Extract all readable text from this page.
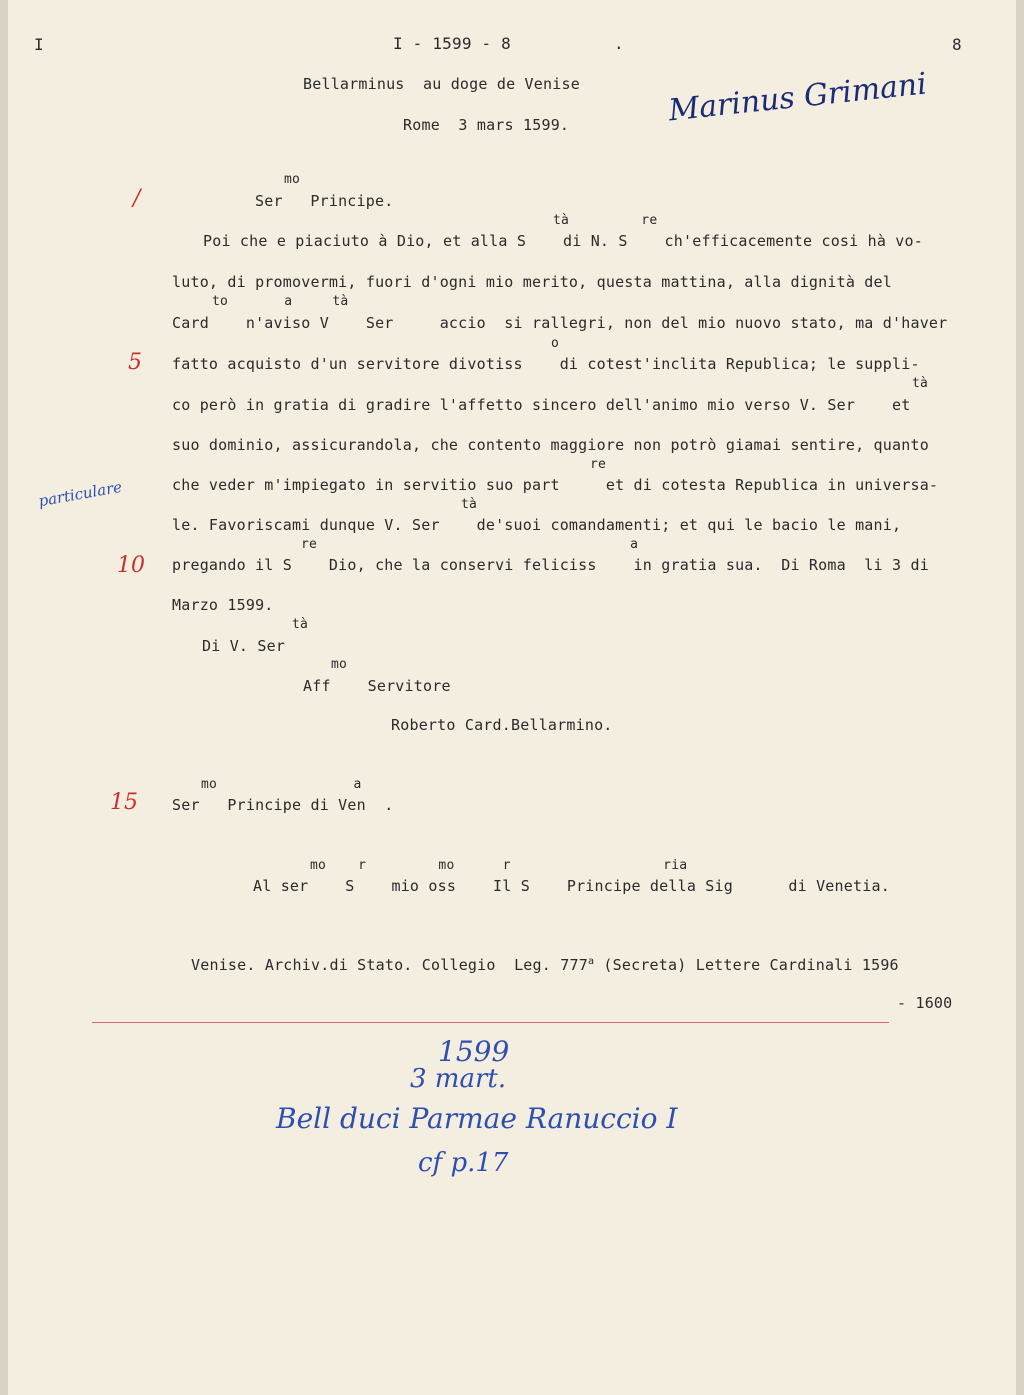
I	I - 1599 - 8	.	8
Bellarminus  au doge de Venise
Rome  3 mars 1599.	Marinus Grimani
mo
Ser   Principe.
/
5
10
15
particulare
tà         re
Poi che e piaciuto à Dio, et alla S    di N. S    ch'efficacemente cosi hà vo-
luto, di promovermi, fuori d'ogni mio merito, questa mattina, alla dignità del
to       a     tà
Card    n'aviso V    Ser     accio  si rallegri, non del mio nuovo stato, ma d'haver
o
fatto acquisto d'un servitore divotiss    di cotest'inclita Republica; le suppli-
tà
co però in gratia di gradire l'affetto sincero dell'animo mio verso V. Ser    et
suo dominio, assicurandola, che contento maggiore non potrò giamai sentire, quanto
re
che veder m'impiegato in servitio suo part     et di cotesta Republica in universa-
tà
le. Favoriscami dunque V. Ser    de'suoi comandamenti; et qui le bacio le mani,
re                                       a
pregando il S    Dio, che la conservi feliciss    in gratia sua.  Di Roma  li 3 di
Marzo 1599.
tà
Di V. Ser
mo
Aff    Servitore
Roberto Card.Bellarmino.
mo                 a
Ser   Principe di Ven  .
mo    r         mo      r                   ria
Al ser    S    mio oss    Il S    Principe della Sig      di Venetia.
Venise. Archiv.di Stato. Collegio  Leg. 777$^a$ (Secreta) Lettere Cardinali 1596
- 1600
1599
3 mart.
Bell duci Parmae Ranuccio I
cf p.17
